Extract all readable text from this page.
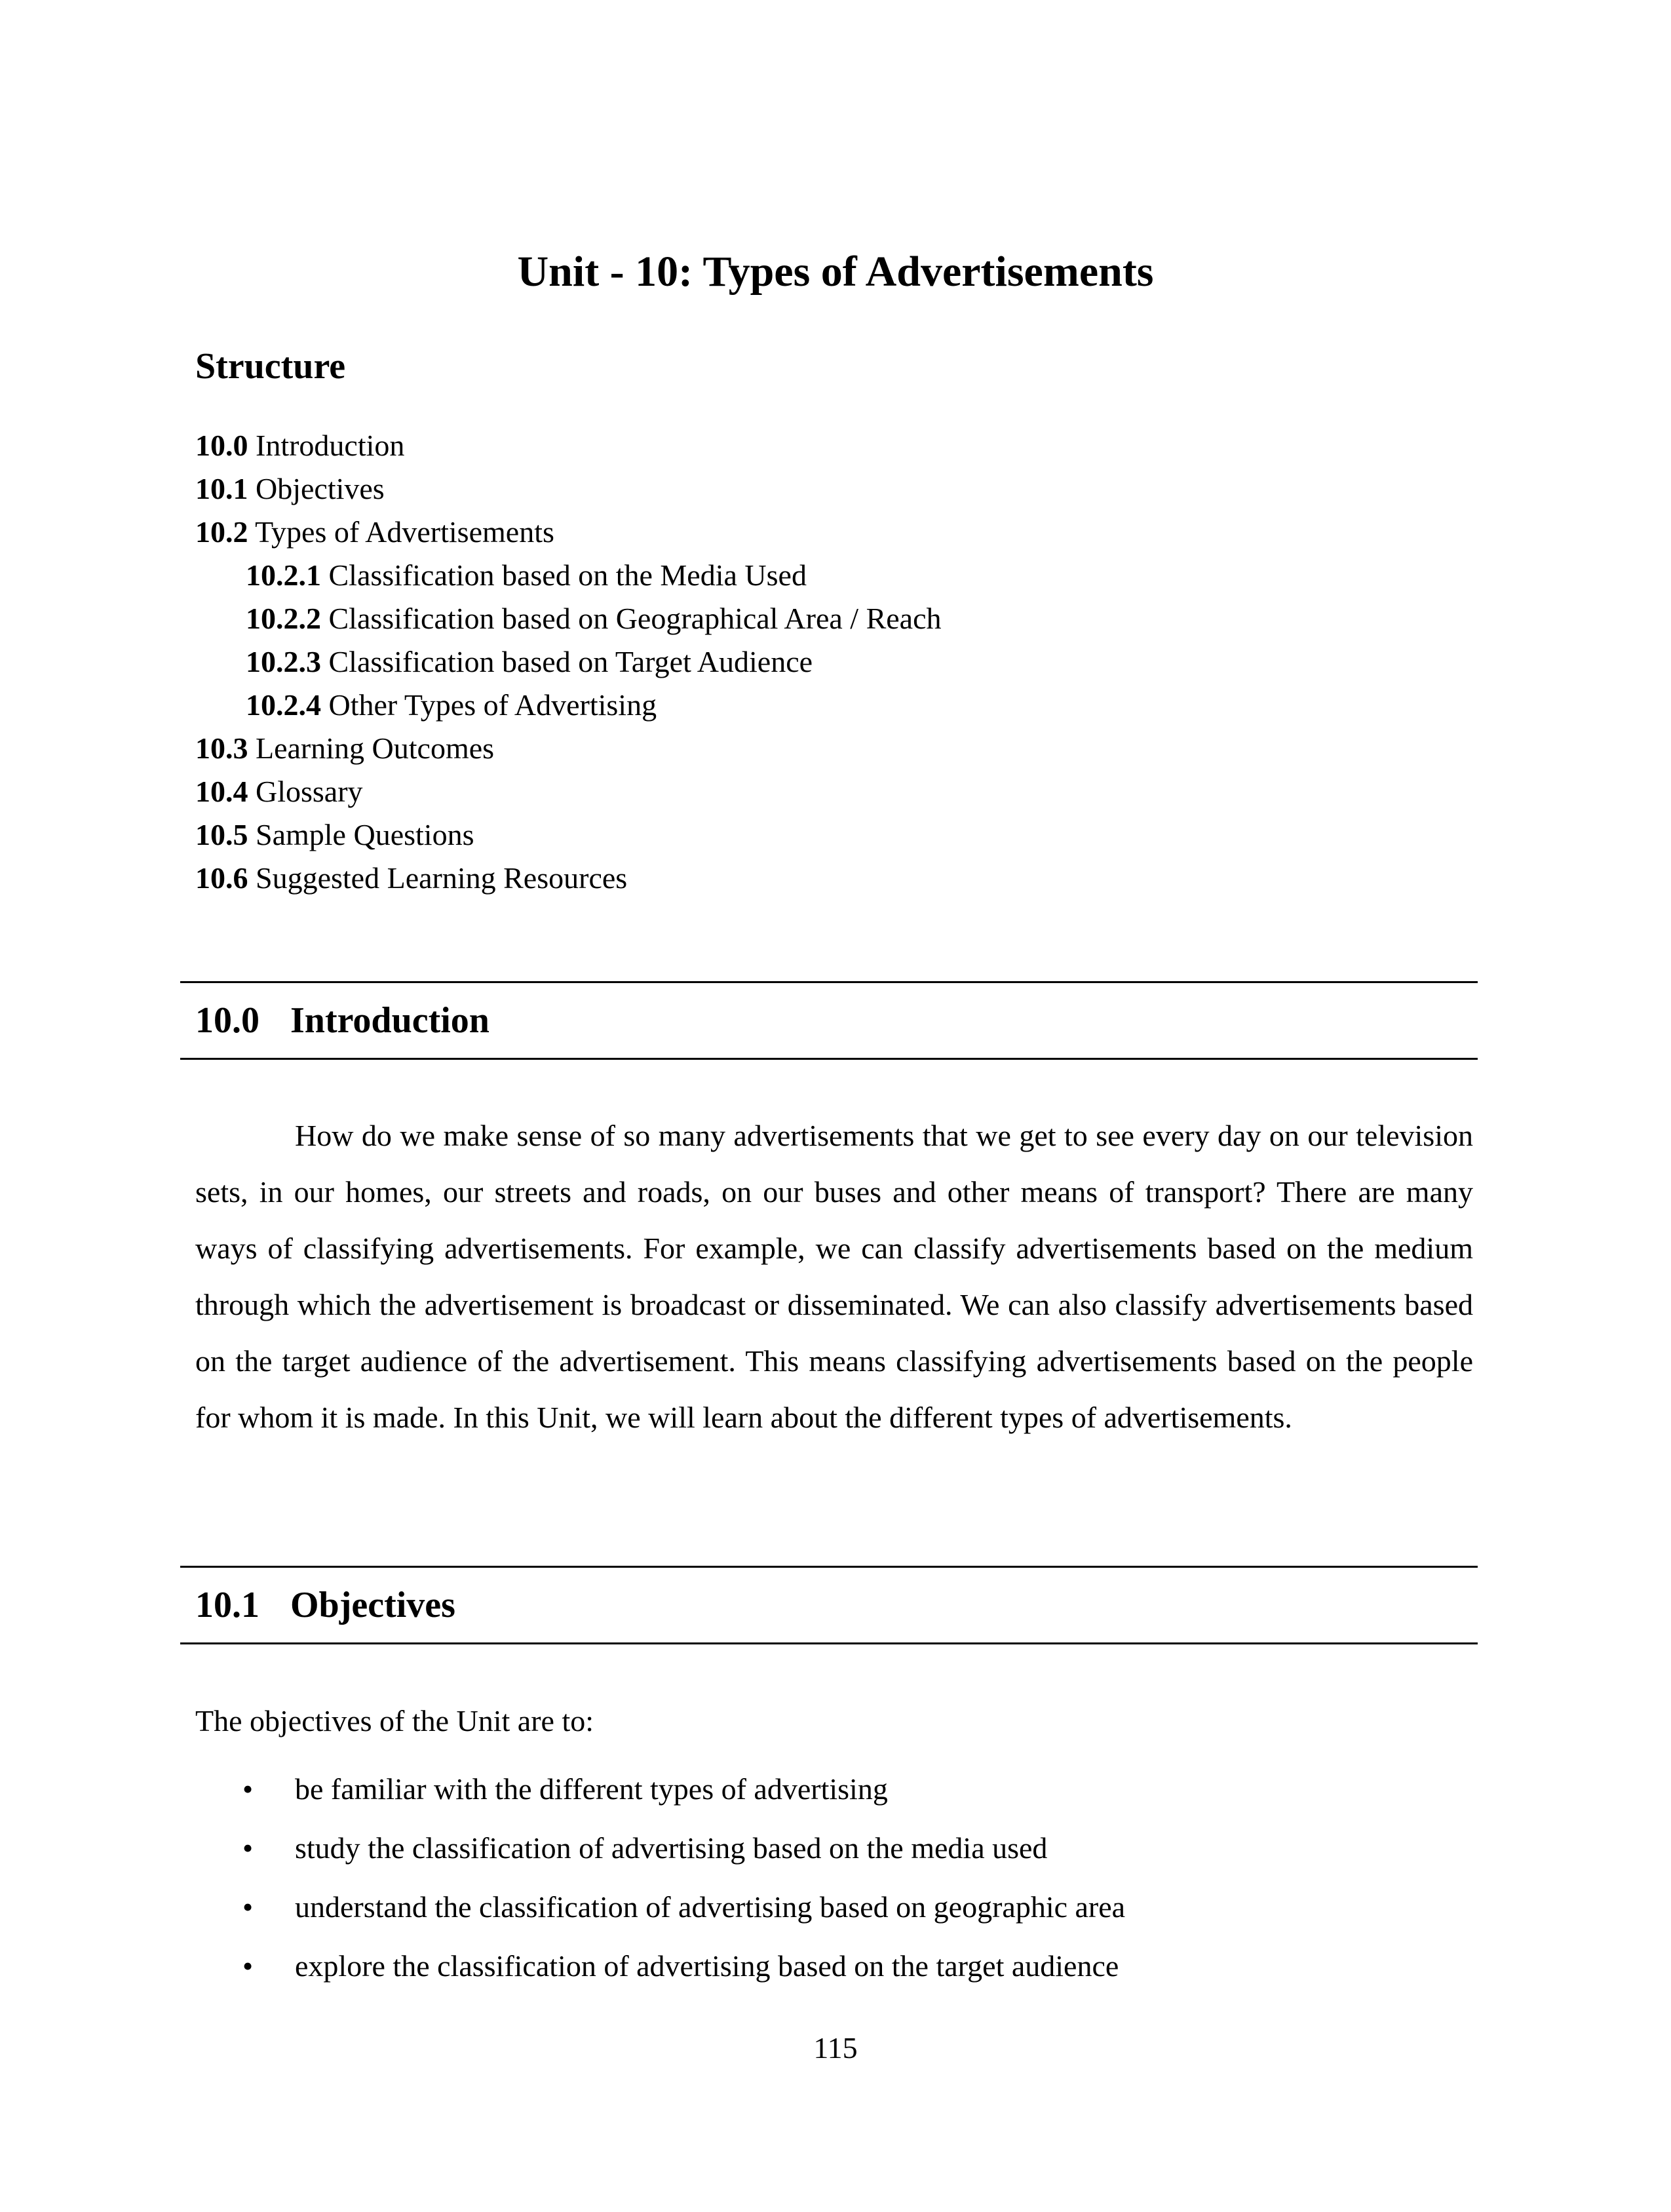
Unit - 10: Types of Advertisements
Structure
10.0 Introduction
10.1 Objectives
10.2 Types of Advertisements
10.2.1 Classification based on the Media Used
10.2.2 Classification based on Geographical Area / Reach
10.2.3 Classification based on Target Audience
10.2.4 Other Types of Advertising
10.3 Learning Outcomes
10.4 Glossary
10.5 Sample Questions
10.6 Suggested Learning Resources
10.0 Introduction

How do we make sense of so many advertisements that we get to see every day on our television sets, in our homes, our streets and roads, on our buses and other means of transport? There are many ways of classifying advertisements. For example, we can classify advertisements based on the medium through which the advertisement is broadcast or disseminated. We can also classify advertisements based on the target audience of the advertisement. This means classifying advertisements based on the people for whom it is made. In this Unit, we will learn about the different types of advertisements.

10.1 Objectives

The objectives of the Unit are to:

• be familiar with the different types of advertising
• study the classification of advertising based on the media used
• understand the classification of advertising based on geographic area
• explore the classification of advertising based on the target audience

115
